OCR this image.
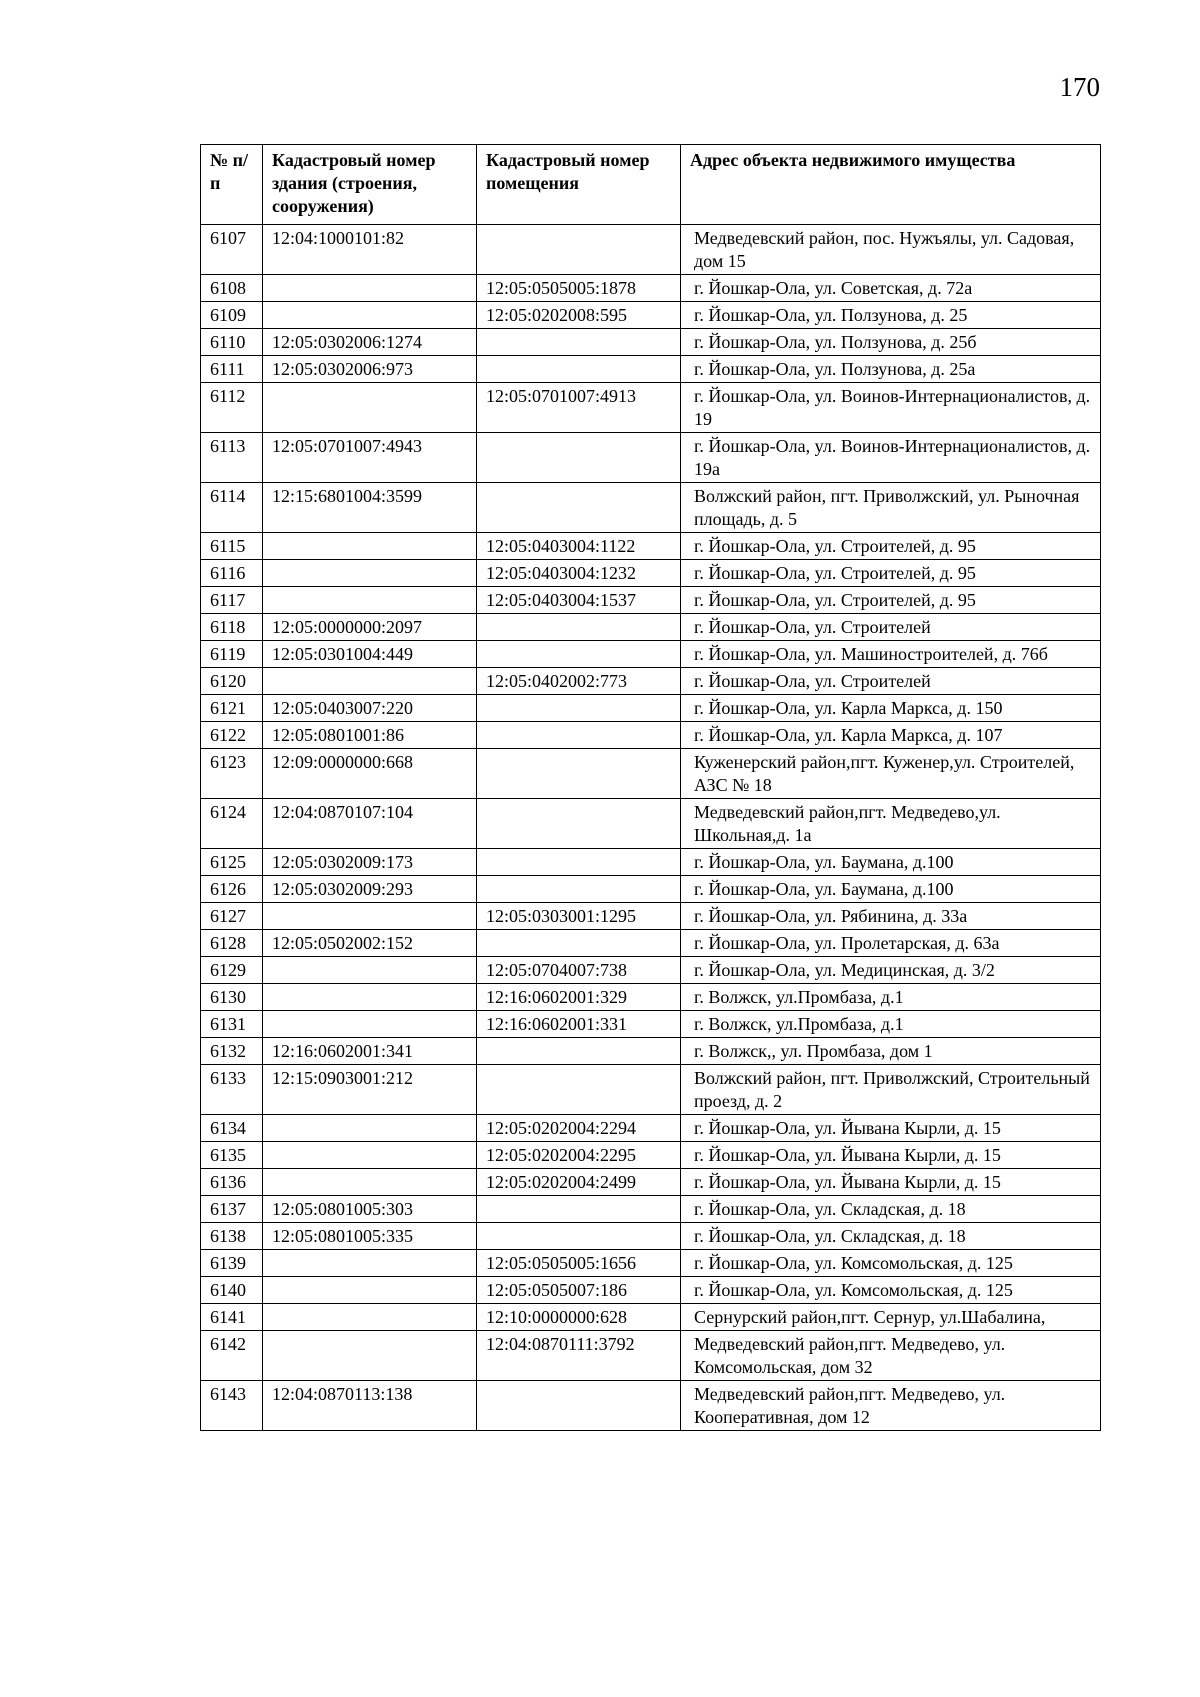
170
№ п/п	Кадастровый номер здания (строения, сооружения)	Кадастровый номер помещения	Адрес объекта недвижимого имущества
6107	12:04:1000101:82		Медведевский район, пос. Нужъялы, ул. Садовая, дом 15
6108		12:05:0505005:1878	г. Йошкар-Ола, ул. Советская, д. 72а
6109		12:05:0202008:595	г. Йошкар-Ола, ул. Ползунова, д. 25
6110	12:05:0302006:1274		г. Йошкар-Ола, ул. Ползунова, д. 25б
6111	12:05:0302006:973		г. Йошкар-Ола, ул. Ползунова, д. 25а
6112		12:05:0701007:4913	г. Йошкар-Ола, ул. Воинов-Интернационалистов, д. 19
6113	12:05:0701007:4943		г. Йошкар-Ола, ул. Воинов-Интернационалистов, д. 19а
6114	12:15:6801004:3599		Волжский район, пгт. Приволжский, ул. Рыночная площадь, д. 5
6115		12:05:0403004:1122	г. Йошкар-Ола, ул. Строителей, д. 95
6116		12:05:0403004:1232	г. Йошкар-Ола, ул. Строителей, д. 95
6117		12:05:0403004:1537	г. Йошкар-Ола, ул. Строителей, д. 95
6118	12:05:0000000:2097		г. Йошкар-Ола, ул. Строителей
6119	12:05:0301004:449		г. Йошкар-Ола, ул. Машиностроителей, д. 76б
6120		12:05:0402002:773	г. Йошкар-Ола, ул. Строителей
6121	12:05:0403007:220		г. Йошкар-Ола, ул. Карла Маркса, д. 150
6122	12:05:0801001:86		г. Йошкар-Ола, ул. Карла Маркса, д. 107
6123	12:09:0000000:668		Куженерский район,пгт. Куженер,ул. Строителей, АЗС № 18
6124	12:04:0870107:104		Медведевский район,пгт. Медведево,ул. Школьная,д. 1а
6125	12:05:0302009:173		г. Йошкар-Ола, ул. Баумана, д.100
6126	12:05:0302009:293		г. Йошкар-Ола, ул. Баумана, д.100
6127		12:05:0303001:1295	г. Йошкар-Ола, ул. Рябинина, д. 33а
6128	12:05:0502002:152		г. Йошкар-Ола, ул. Пролетарская, д. 63а
6129		12:05:0704007:738	г. Йошкар-Ола, ул. Медицинская, д. 3/2
6130		12:16:0602001:329	г. Волжск, ул.Промбаза, д.1
6131		12:16:0602001:331	г. Волжск, ул.Промбаза, д.1
6132	12:16:0602001:341		г. Волжск,, ул. Промбаза, дом 1
6133	12:15:0903001:212		Волжский район, пгт. Приволжский, Строительный проезд, д. 2
6134		12:05:0202004:2294	г. Йошкар-Ола, ул. Йывана Кырли, д. 15
6135		12:05:0202004:2295	г. Йошкар-Ола, ул. Йывана Кырли, д. 15
6136		12:05:0202004:2499	г. Йошкар-Ола, ул. Йывана Кырли, д. 15
6137	12:05:0801005:303		г. Йошкар-Ола, ул. Складская, д. 18
6138	12:05:0801005:335		г. Йошкар-Ола, ул. Складская, д. 18
6139		12:05:0505005:1656	г. Йошкар-Ола, ул. Комсомольская, д. 125
6140		12:05:0505007:186	г. Йошкар-Ола, ул. Комсомольская, д. 125
6141		12:10:0000000:628	Сернурский район,пгт. Сернур, ул.Шабалина,
6142		12:04:0870111:3792	Медведевский район,пгт. Медведево, ул. Комсомольская, дом 32
6143	12:04:0870113:138		Медведевский район,пгт. Медведево, ул. Кооперативная, дом 12
